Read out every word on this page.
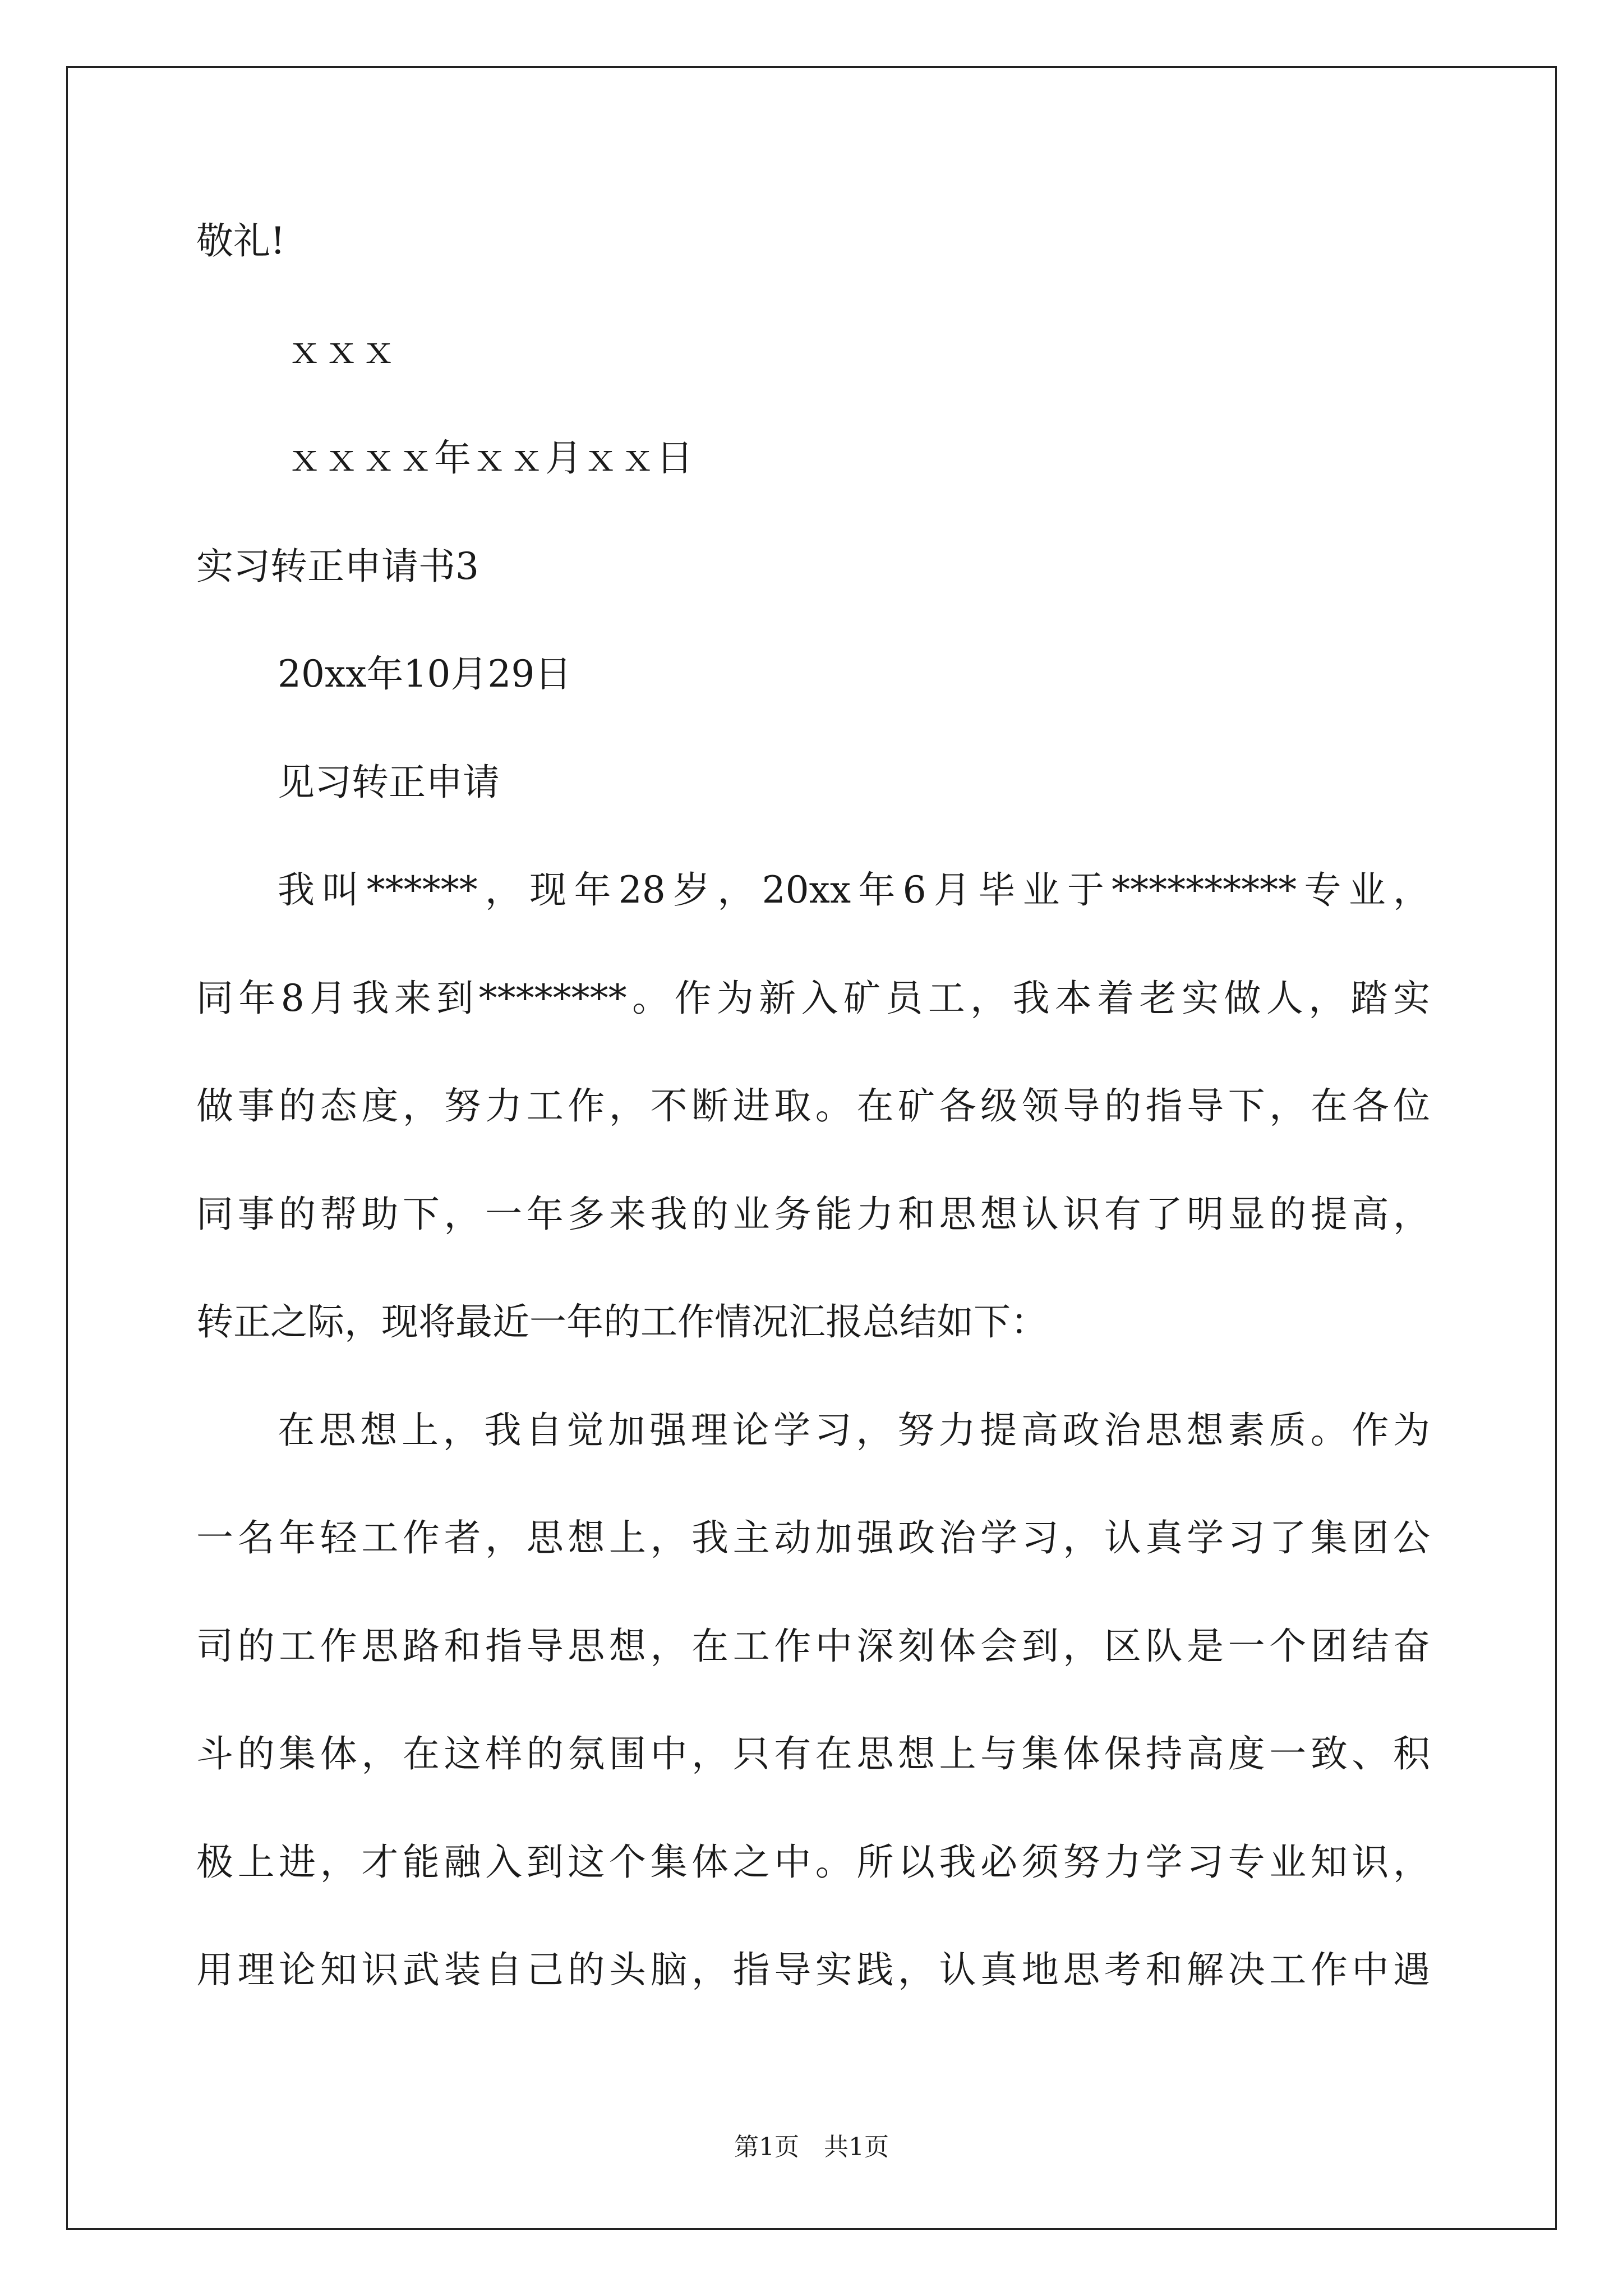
敬礼!
ｘｘｘ
ｘｘｘｘ年ｘｘ月ｘｘ日
实习转正申请书3
20xx年10月29日
见习转正申请
我叫******，现年28岁，20xx年6月毕业于**********专业，
同年8月我来到********。作为新入矿员工，我本着老实做人，踏实
做事的态度，努力工作，不断进取。在矿各级领导的指导下，在各位
同事的帮助下，一年多来我的业务能力和思想认识有了明显的提高，
转正之际，现将最近一年的工作情况汇报总结如下：
在思想上，我自觉加强理论学习，努力提高政治思想素质。作为
一名年轻工作者，思想上，我主动加强政治学习，认真学习了集团公
司的工作思路和指导思想，在工作中深刻体会到，区队是一个团结奋
斗的集体，在这样的氛围中，只有在思想上与集体保持高度一致、积
极上进，才能融入到这个集体之中。所以我必须努力学习专业知识，
用理论知识武装自己的头脑，指导实践，认真地思考和解决工作中遇
第1页　共1页
